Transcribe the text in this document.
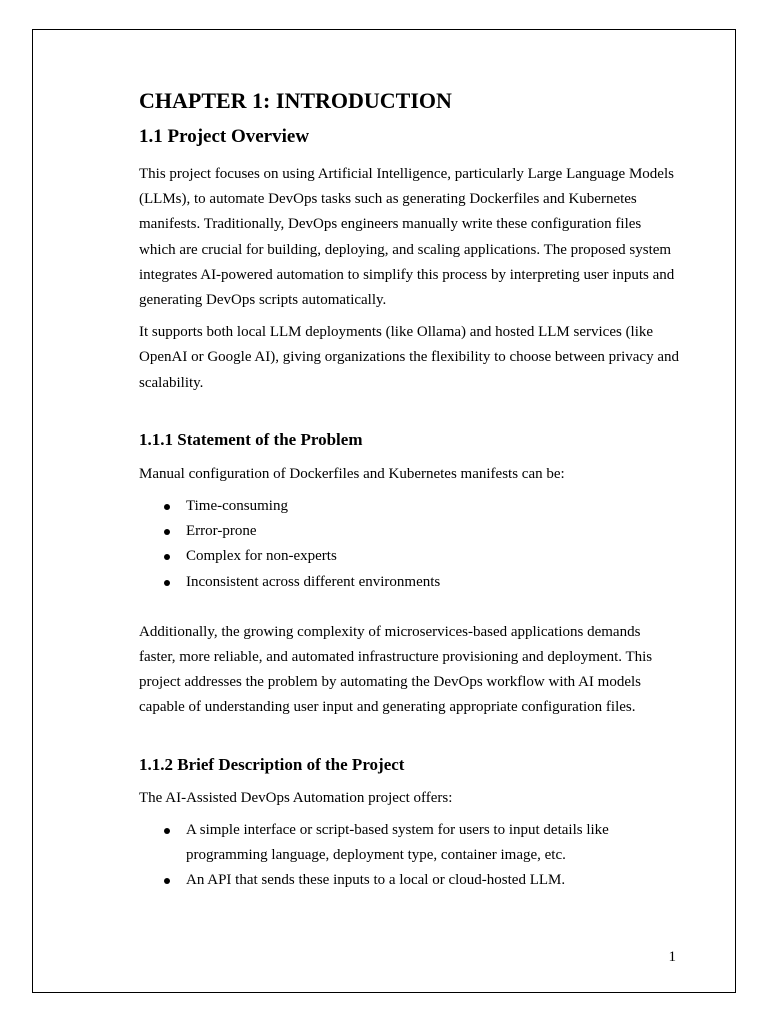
CHAPTER 1: INTRODUCTION
1.1 Project Overview

This project focuses on using Artificial Intelligence, particularly Large Language Models (LLMs), to automate DevOps tasks such as generating Dockerfiles and Kubernetes manifests. Traditionally, DevOps engineers manually write these configuration files which are crucial for building, deploying, and scaling applications. The proposed system integrates AI-powered automation to simplify this process by interpreting user inputs and generating DevOps scripts automatically.

It supports both local LLM deployments (like Ollama) and hosted LLM services (like OpenAI or Google AI), giving organizations the flexibility to choose between privacy and scalability.

1.1.1 Statement of the Problem

Manual configuration of Dockerfiles and Kubernetes manifests can be:

Time-consuming
Error-prone
Complex for non-experts
Inconsistent across different environments

Additionally, the growing complexity of microservices-based applications demands faster, more reliable, and automated infrastructure provisioning and deployment. This project addresses the problem by automating the DevOps workflow with AI models capable of understanding user input and generating appropriate configuration files.

1.1.2 Brief Description of the Project

The AI-Assisted DevOps Automation project offers:

A simple interface or script-based system for users to input details like programming language, deployment type, container image, etc.
An API that sends these inputs to a local or cloud-hosted LLM.
1
